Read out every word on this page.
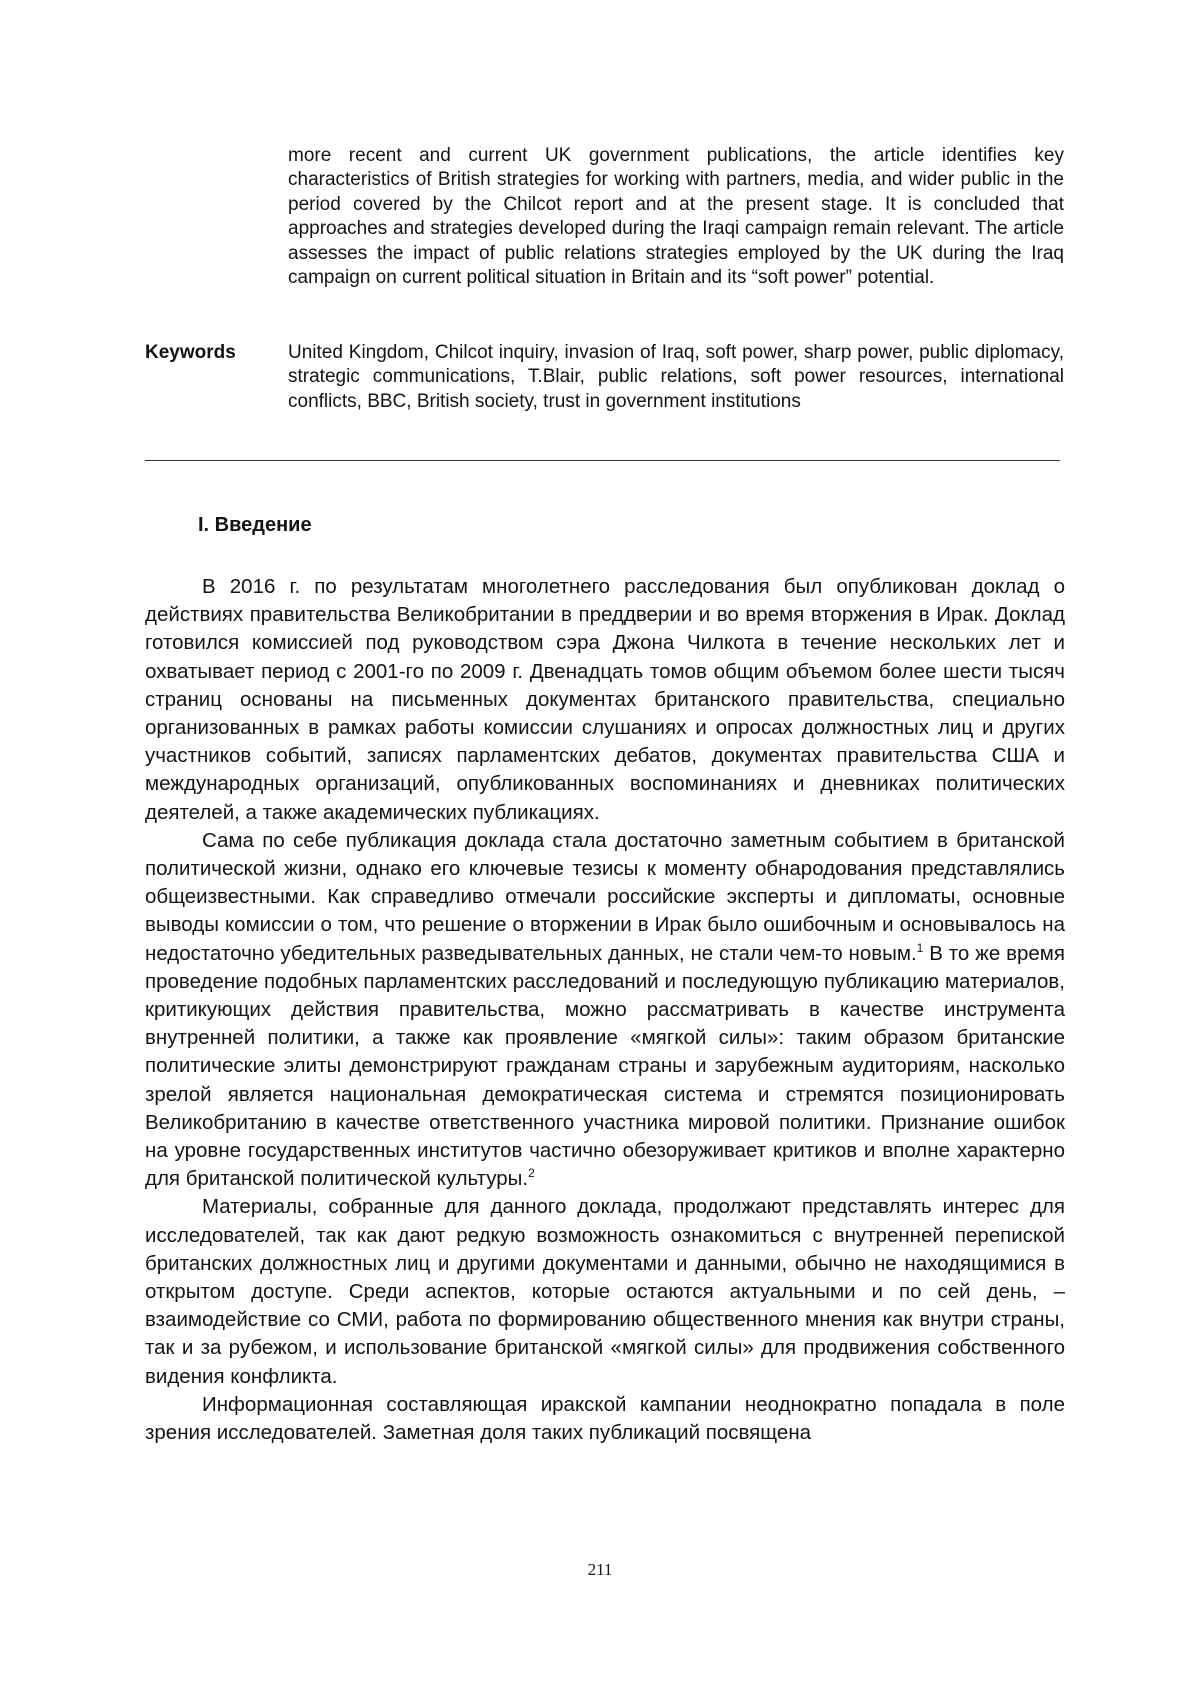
more recent and current UK government publications, the article identifies key characteristics of British strategies for working with partners, media, and wider public in the period covered by the Chilcot report and at the present stage. It is concluded that approaches and strategies developed during the Iraqi campaign remain relevant. The article assesses the impact of public relations strategies employed by the UK during the Iraq campaign on current political situation in Britain and its “soft power” potential.

Keywords	United Kingdom, Chilcot inquiry, invasion of Iraq, soft power, sharp power, public diplomacy, strategic communications, T.Blair, public relations, soft power resources, international conflicts, BBC, British society, trust in government institutions

I. Введение

В 2016 г. по результатам многолетнего расследования был опубликован доклад о действиях правительства Великобритании в преддверии и во время вторжения в Ирак. Доклад готовился комиссией под руководством сэра Джона Чилкота в течение нескольких лет и охватывает период с 2001-го по 2009 г. Двенадцать томов общим объемом более шести тысяч страниц основаны на письменных документах британского правительства, специально организованных в рамках работы комиссии слушаниях и опросах должностных лиц и других участников событий, записях парламентских дебатов, документах правительства США и международных организаций, опубликованных воспоминаниях и дневниках политических деятелей, а также академических публикациях.

Сама по себе публикация доклада стала достаточно заметным событием в британской политической жизни, однако его ключевые тезисы к моменту обнародования представлялись общеизвестными. Как справедливо отмечали российские эксперты и дипломаты, основные выводы комиссии о том, что решение о вторжении в Ирак было ошибочным и основывалось на недостаточно убедительных разведывательных данных, не стали чем-то новым.$^1$ В то же время проведение подобных парламентских расследований и последующую публикацию материалов, критикующих действия правительства, можно рассматривать в качестве инструмента внутренней политики, а также как проявление «мягкой силы»: таким образом британские политические элиты демонстрируют гражданам страны и зарубежным аудиториям, насколько зрелой является национальная демократическая система и стремятся позиционировать Великобританию в качестве ответственного участника мировой политики. Признание ошибок на уровне государственных институтов частично обезоруживает критиков и вполне характерно для британской политической культуры.$^2$

Материалы, собранные для данного доклада, продолжают представлять интерес для исследователей, так как дают редкую возможность ознакомиться с внутренней перепиской британских должностных лиц и другими документами и данными, обычно не находящимися в открытом доступе. Среди аспектов, которые остаются актуальными и по сей день, – взаимодействие со СМИ, работа по формированию общественного мнения как внутри страны, так и за рубежом, и использование британской «мягкой силы» для продвижения собственного видения конфликта.

Информационная составляющая иракской кампании неоднократно попадала в поле зрения исследователей. Заметная доля таких публикаций посвящена

211
